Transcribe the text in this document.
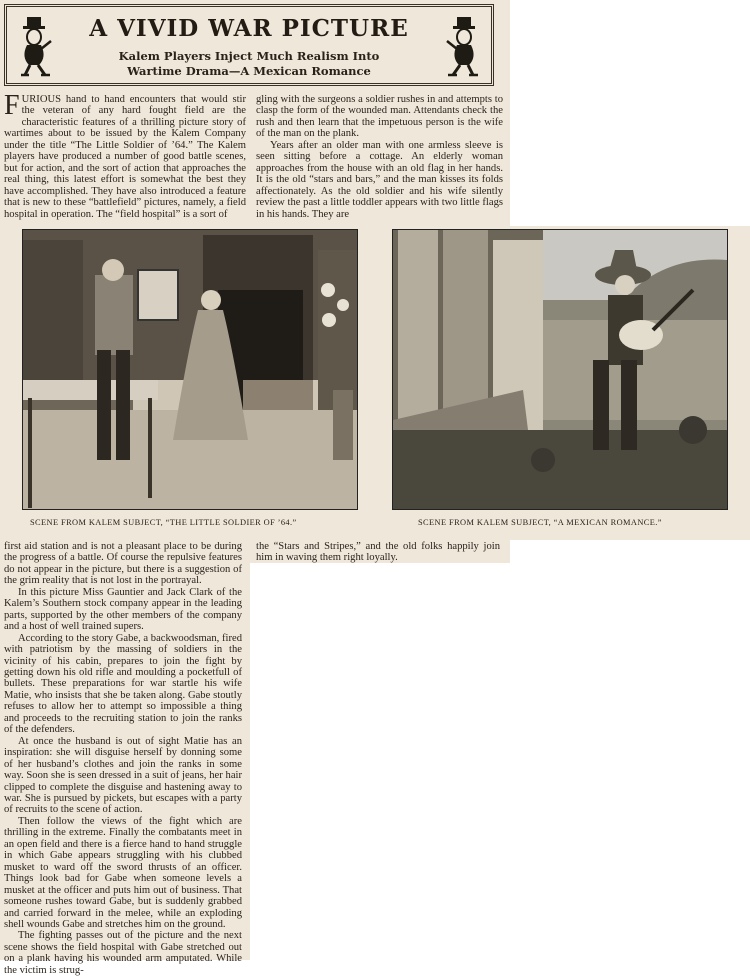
A VIVID WAR PICTURE
Kalem Players Inject Much Realism Into
Wartime Drama—A Mexican Romance

FURIOUS hand to hand encounters that would stir the veteran of any hard fought field are the characteristic features of a thrilling picture story of wartimes about to be issued by the Kalem Company under the title “The Little Soldier of ’64.” The Kalem players have produced a number of good battle scenes, but for action, and the sort of action that approaches the real thing, this latest effort is somewhat the best they have accomplished. They have also introduced a feature that is new to these “battlefield” pictures, namely, a field hospital in operation. The “field hospital” is a sort of

gling with the surgeons a soldier rushes in and attempts to clasp the form of the wounded man. Attendants check the rush and then learn that the impetuous person is the wife of the man on the plank.

Years after an older man with one armless sleeve is seen sitting before a cottage. An elderly woman approaches from the house with an old flag in her hands. It is the old “stars and bars,” and the man kisses its folds affectionately. As the old soldier and his wife silently review the past a little toddler appears with two little flags in his hands. They are

SCENE FROM KALEM SUBJECT, “THE LITTLE SOLDIER OF ’64.”	SCENE FROM KALEM SUBJECT, “A MEXICAN ROMANCE.”

first aid station and is not a pleasant place to be during the progress of a battle. Of course the repulsive features do not appear in the picture, but there is a suggestion of the grim reality that is not lost in the portrayal.

In this picture Miss Gauntier and Jack Clark of the Kalem’s Southern stock company appear in the leading parts, supported by the other members of the company and a host of well trained supers.

According to the story Gabe, a backwoodsman, fired with patriotism by the massing of soldiers in the vicinity of his cabin, prepares to join the fight by getting down his old rifle and moulding a pocketfull of bullets. These preparations for war startle his wife Matie, who insists that she be taken along. Gabe stoutly refuses to allow her to attempt so impossible a thing and proceeds to the recruiting station to join the ranks of the defenders.

At once the husband is out of sight Matie has an inspiration: she will disguise herself by donning some of her husband’s clothes and join the ranks in some way. Soon she is seen dressed in a suit of jeans, her hair clipped to complete the disguise and hastening away to war. She is pursued by pickets, but escapes with a party of recruits to the scene of action.

Then follow the views of the fight which are thrilling in the extreme. Finally the combatants meet in an open field and there is a fierce hand to hand struggle in which Gabe appears struggling with his clubbed musket to ward off the sword thrusts of an officer. Things look bad for Gabe when someone levels a musket at the officer and puts him out of business. That someone rushes toward Gabe, but is suddenly grabbed and carried forward in the melee, while an exploding shell wounds Gabe and stretches him on the ground.

The fighting passes out of the picture and the next scene shows the field hospital with Gabe stretched out on a plank having his wounded arm amputated. While the victim is strug-

the “Stars and Stripes,” and the old folks happily join him in waving them right loyally.
